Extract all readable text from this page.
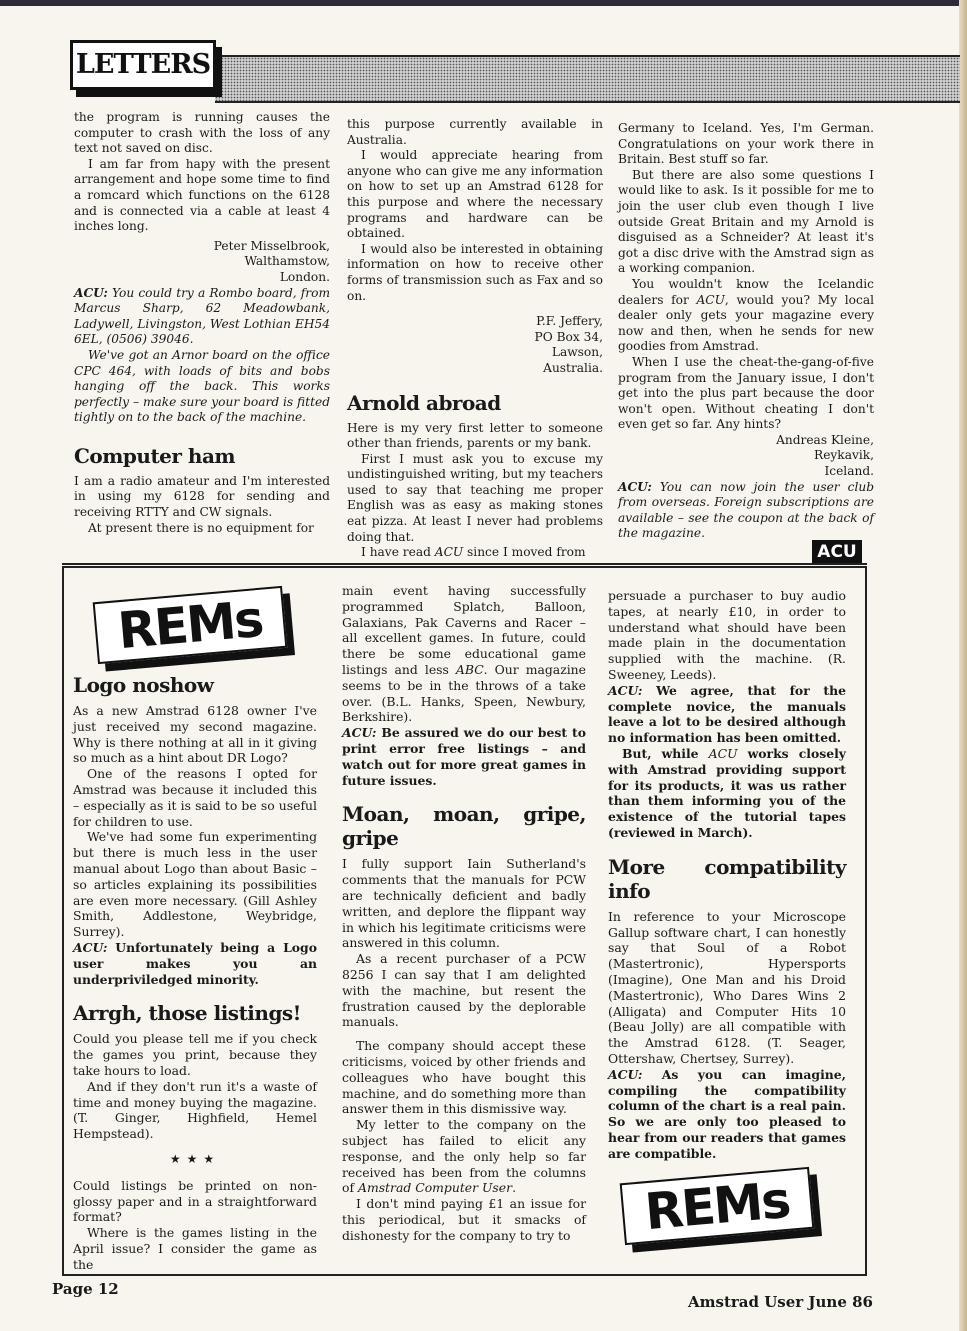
LETTERS

the program is running causes the computer to crash with the loss of any text not saved on disc.

I am far from hapy with the present arrangement and hope some time to find a romcard which functions on the 6128 and is connected via a cable at least 4 inches long.

Peter Misselbrook,
Walthamstow,
London.

ACU: You could try a Rombo board, from Marcus Sharp, 62 Meadowbank, Ladywell, Livingston, West Lothian EH54 6EL, (0506) 39046.

We've got an Arnor board on the office CPC 464, with loads of bits and bobs hanging off the back. This works perfectly – make sure your board is fitted tightly on to the back of the machine.

Computer ham

I am a radio amateur and I'm interested in using my 6128 for sending and receiving RTTY and CW signals.

At present there is no equipment for

this purpose currently available in Australia.

I would appreciate hearing from anyone who can give me any information on how to set up an Amstrad 6128 for this purpose and where the necessary programs and hardware can be obtained.

I would also be interested in obtaining information on how to receive other forms of transmission such as Fax and so on.

P.F. Jeffery,
PO Box 34,
Lawson,
Australia.
Arnold abroad

Here is my very first letter to someone other than friends, parents or my bank.

First I must ask you to excuse my undistinguished writing, but my teachers used to say that teaching me proper English was as easy as making stones eat pizza. At least I never had problems doing that.

I have read ACU since I moved from

Germany to Iceland. Yes, I'm German. Congratulations on your work there in Britain. Best stuff so far.

But there are also some questions I would like to ask. Is it possible for me to join the user club even though I live outside Great Britain and my Arnold is disguised as a Schneider? At least it's got a disc drive with the Amstrad sign as a working companion.

You wouldn't know the Icelandic dealers for ACU, would you? My local dealer only gets your magazine every now and then, when he sends for new goodies from Amstrad.

When I use the cheat-the-gang-of-five program from the January issue, I don't get into the plus part because the door won't open. Without cheating I don't even get so far. Any hints?

Andreas Kleine,
Reykavik,
Iceland.

ACU: You can now join the user club from overseas. Foreign subscriptions are available – see the coupon at the back of the magazine.

ACU
REMs
REMs
Logo noshow

As a new Amstrad 6128 owner I've just received my second magazine. Why is there nothing at all in it giving so much as a hint about DR Logo?

One of the reasons I opted for Amstrad was because it included this – especially as it is said to be so useful for children to use.

We've had some fun experimenting but there is much less in the user manual about Logo than about Basic – so articles explaining its possibilities are even more necessary. (Gill Ashley Smith, Addlestone, Weybridge, Surrey).

ACU: Unfortunately being a Logo user makes you an underpriviledged minority.

Arrgh, those listings!

Could you please tell me if you check the games you print, because they take hours to load.

And if they don't run it's a waste of time and money buying the magazine. (T. Ginger, Highfield, Hemel Hempstead).

★★★

Could listings be printed on non-glossy paper and in a straightforward format?

Where is the games listing in the April issue? I consider the game as the

main event having successfully programmed Splatch, Balloon, Galaxians, Pak Caverns and Racer – all excellent games. In future, could there be some educational game listings and less ABC. Our magazine seems to be in the throws of a take over. (B.L. Hanks, Speen, Newbury, Berkshire).

ACU: Be assured we do our best to print error free listings – and watch out for more great games in future issues.

Moan, moan, gripe, gripe

I fully support Iain Sutherland's comments that the manuals for PCW are technically deficient and badly written, and deplore the flippant way in which his legitimate criticisms were answered in this column.

As a recent purchaser of a PCW 8256 I can say that I am delighted with the machine, but resent the frustration caused by the deplorable manuals.

The company should accept these criticisms, voiced by other friends and colleagues who have bought this machine, and do something more than answer them in this dismissive way.

My letter to the company on the subject has failed to elicit any response, and the only help so far received has been from the columns of Amstrad Computer User.

I don't mind paying £1 an issue for this periodical, but it smacks of dishonesty for the company to try to

persuade a purchaser to buy audio tapes, at nearly £10, in order to understand what should have been made plain in the documentation supplied with the machine. (R. Sweeney, Leeds).

ACU: We agree, that for the complete novice, the manuals leave a lot to be desired although no information has been omitted.

But, while ACU works closely with Amstrad providing support for its products, it was us rather than them informing you of the existence of the tutorial tapes (reviewed in March).

More compatibility info

In reference to your Microscope Gallup software chart, I can honestly say that Soul of a Robot (Mastertronic), Hypersports (Imagine), One Man and his Droid (Mastertronic), Who Dares Wins 2 (Alligata) and Computer Hits 10 (Beau Jolly) are all compatible with the Amstrad 6128. (T. Seager, Ottershaw, Chertsey, Surrey).

ACU: As you can imagine, compiling the compatibility column of the chart is a real pain. So we are only too pleased to hear from our readers that games are compatible.

Page 12
Amstrad User June 86
